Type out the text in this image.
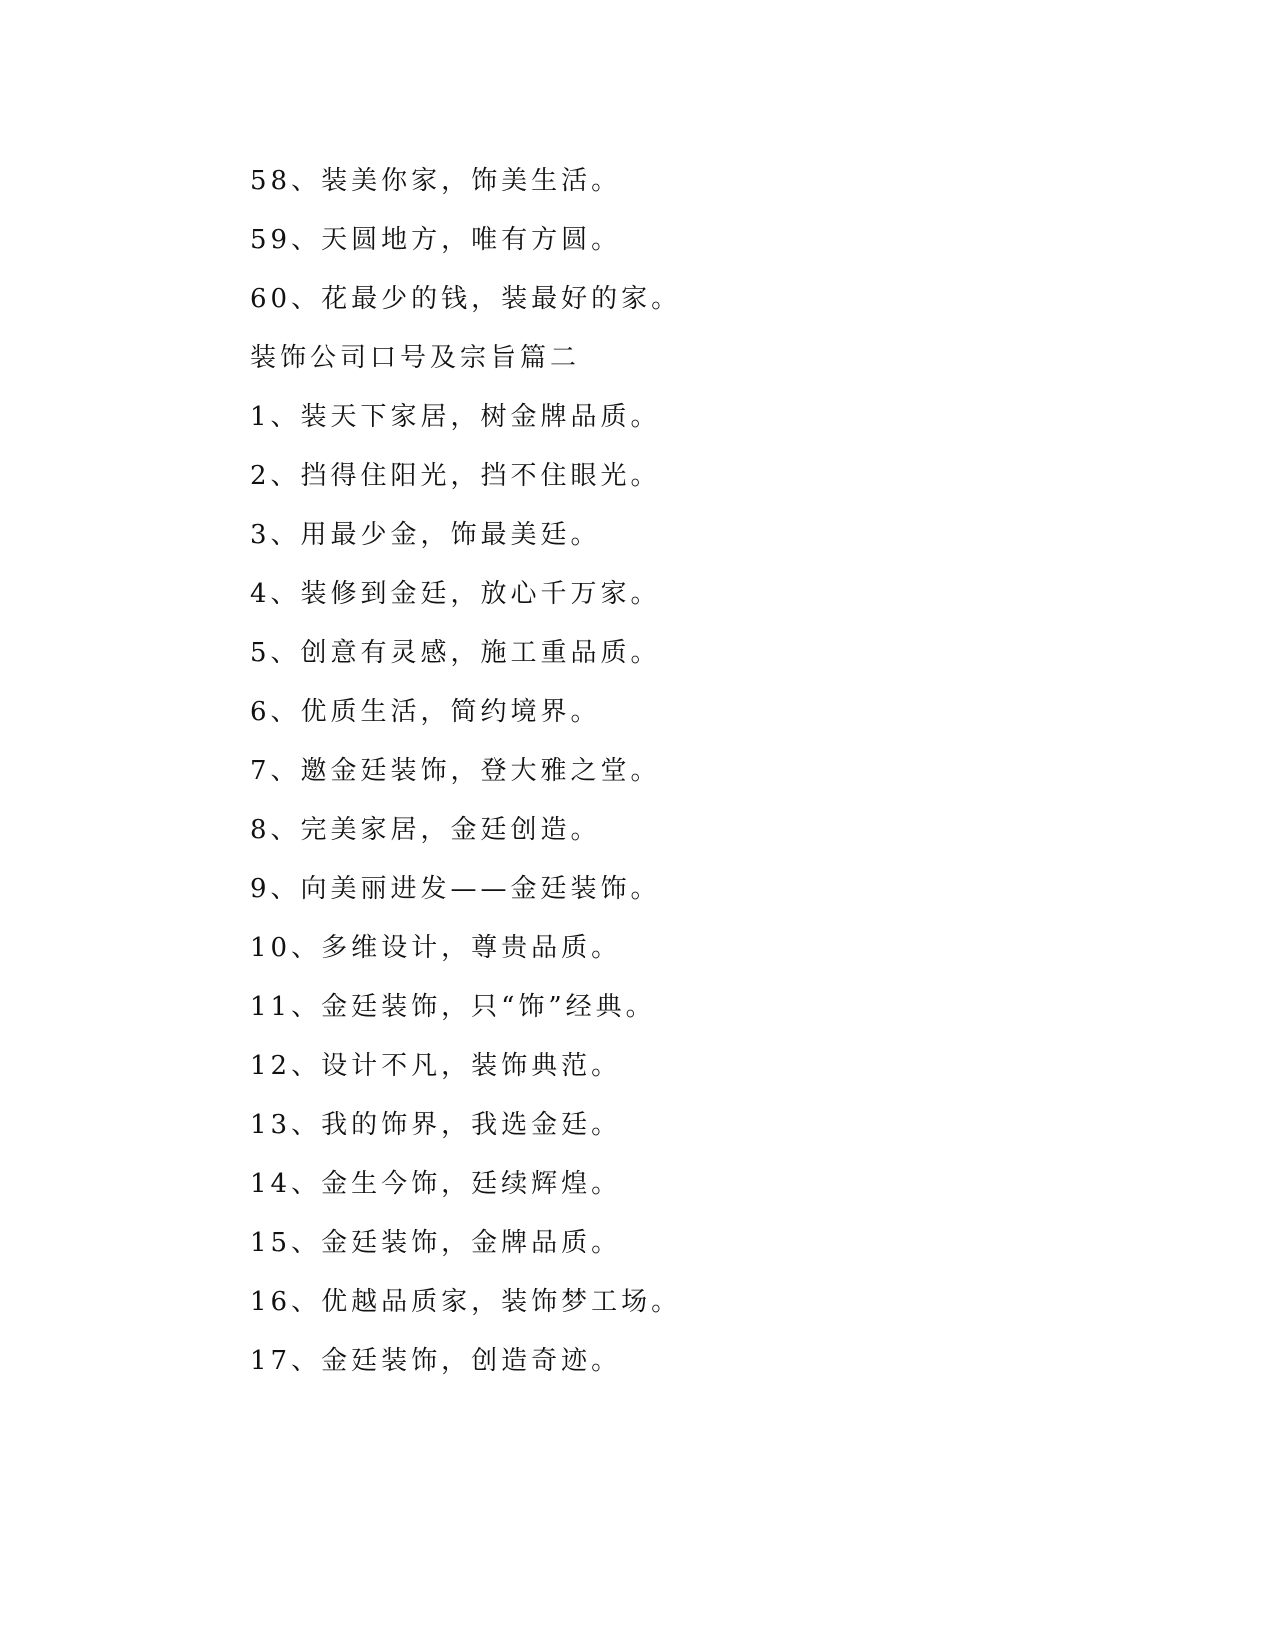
58、装美你家，饰美生活。
59、天圆地方，唯有方圆。
60、花最少的钱，装最好的家。
装饰公司口号及宗旨篇二
1、装天下家居，树金牌品质。
2、挡得住阳光，挡不住眼光。
3、用最少金，饰最美廷。
4、装修到金廷，放心千万家。
5、创意有灵感，施工重品质。
6、优质生活，简约境界。
7、邀金廷装饰，登大雅之堂。
8、完美家居，金廷创造。
9、向美丽进发——金廷装饰。
10、多维设计，尊贵品质。
11、金廷装饰，只“饰”经典。
12、设计不凡，装饰典范。
13、我的饰界，我选金廷。
14、金生今饰，廷续辉煌。
15、金廷装饰，金牌品质。
16、优越品质家，装饰梦工场。
17、金廷装饰，创造奇迹。
